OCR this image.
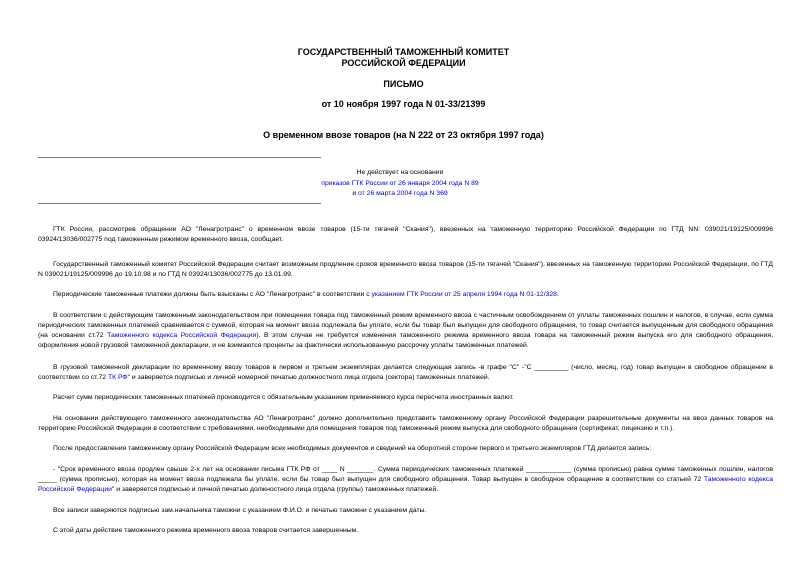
ГОСУДАРСТВЕННЫЙ ТАМОЖЕННЫЙ КОМИТЕТ
РОССИЙСКОЙ ФЕДЕРАЦИИ
ПИСЬМО
от 10 ноября 1997 года N 01-33/21399
О временном ввозе товаров (на N 222 от 23 октября 1997 года)
Не действует на основании
приказов ГТК России от 26 января 2004 года N 89
и от 26 марта 2004 года N 369

ГТК России, рассмотрев обращение АО "Ленагротранс" о временном ввозе товаров (15-ти тягачей "Скания"), ввезенных на таможенную территорию Российской Федерации по ГТД NN: 039021/19125/009996 03924/13036/002775 под таможенным режимом временного ввоза, сообщает.

Государственный таможенный комитет Российской Федерации считает возможным продление сроков временного ввоза товаров (15-ти тягачей "Скания"), ввезенных на таможенную территорию Российской Федерации, по ГТД N 039021/19125/009996 до 19.10.98 и по ГТД N 03924/13036/002775 до 13.01.99.

Периодические таможенные платежи должны быть взысканы с АО "Ленагротранс" в соответствии с указанием ГТК России от 25 апреля 1994 года N 01-12/328.

В соответствии с действующим таможенным законодательством при помещении товара под таможенный режим временного ввоза с частичным освобождением от уплаты таможенных пошлин и налогов, в случае, если сумма периодических таможенных платежей сравнивается с суммой, которая на момент ввоза подлежала бы уплате, если бы товар был выпущен для свободного обращения, то товар считается выпущенным для свободного обращения (на основании ст.72 Таможенного кодекса Российской Федерации). В этом случае не требуется изменения таможенного режима временного ввоза товара на таможенный режим выпуска его для свободного обращения, оформления новой грузовой таможенной декларации, и не взимаются проценты за фактически использованную рассрочку уплаты таможенных платежей.

В грузовой таможенной декларации по временному ввозу товаров в первом и третьем экземплярах делается следующая запись -в графе "С" -"С _________ (число, месяц, год) товар выпущен в свободное обращение в соответствии со ст.72 ТК РФ" и заверяется подписью и личной номерной печатью должностного лица отдела (сектора) таможенных платежей.

Расчет сумм периодических таможенных платежей производится с обязательным указанием применяемого курса пересчета иностранных валют.

На основании действующего таможенного законодательства АО "Ленагротранс" должно дополнительно представить таможенному органу Российской Федерации разрешительные документы на ввоз данных товаров на территорию Российской Федерации в соответствии с требованиями, необходимыми для помещения товаров под таможенный режим выпуска для свободного обращения (сертификат, лицензию и т.п.).

После предоставления таможенному органу Российской Федерации всех необходимых документов и сведений на оборотной стороне первого и третьего экземпляров ГТД делается запись:

- "Срок временного ввоза продлен свыше 2-х лет на основании письма ГТК РФ от ____ N _______. Сумма периодических таможенных платежей ____________ (сумма прописью) равна сумме таможенных пошлин, налогов _____ (сумма прописью), которая на момент ввоза подлежала бы уплате, если бы товар был выпущен для свободного обращения. Товар выпущен в свободное обращение в соответствии со статьей 72 Таможенного кодекса Российской Федерации" и заверяется подписью и личной печатью должностного лица отдела (группы) таможенных платежей.

Все записи заверяются подписью зам.начальника таможни с указанием Ф.И.О. и печатью таможни с указанием даты.

С этой даты действие таможенного режима временного ввоза товаров считается завершенным.
